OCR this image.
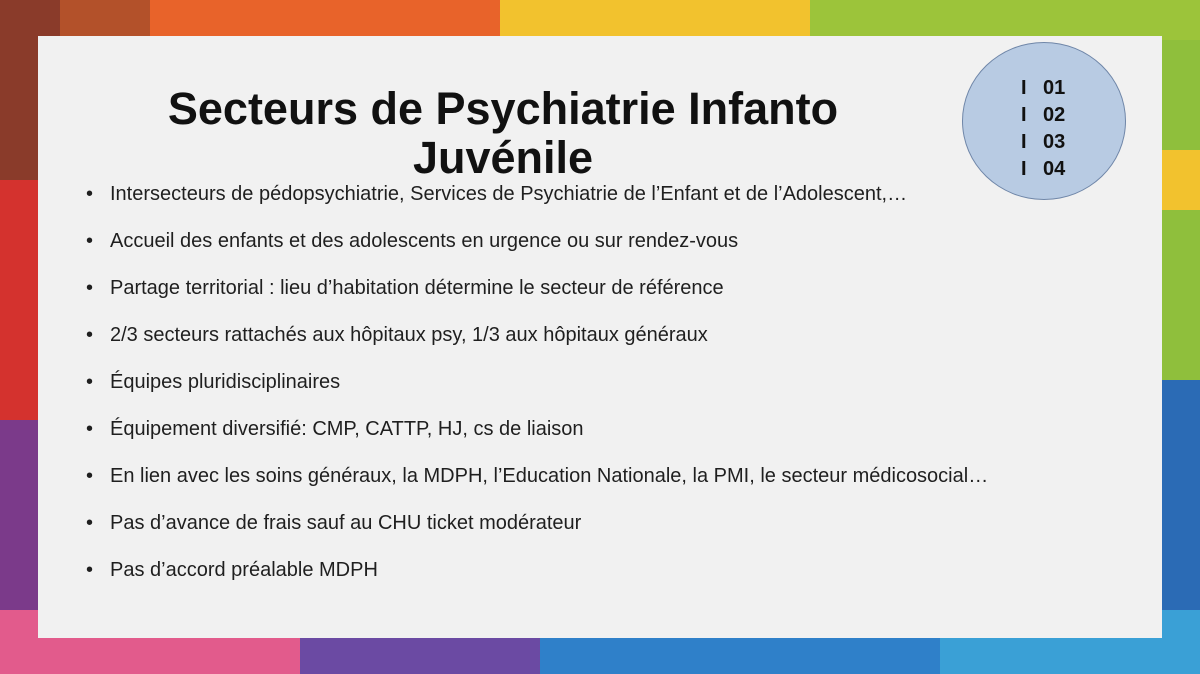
Secteurs de Psychiatrie Infanto
Juvénile
I 01
I 02
I 03
I 04
• Intersecteurs de pédopsychiatrie, Services de Psychiatrie de l’Enfant et de l’Adolescent,…
• Accueil des enfants et des adolescents en urgence ou sur rendez-vous
• Partage territorial : lieu d’habitation détermine le secteur de référence
• 2/3 secteurs rattachés aux hôpitaux psy, 1/3 aux hôpitaux généraux
• Équipes pluridisciplinaires
• Équipement diversifié: CMP, CATTP, HJ, cs de liaison
• En lien avec les soins généraux, la MDPH, l’Education Nationale, la PMI, le secteur médicosocial…
• Pas d’avance de frais sauf au CHU ticket modérateur
• Pas d’accord préalable MDPH
